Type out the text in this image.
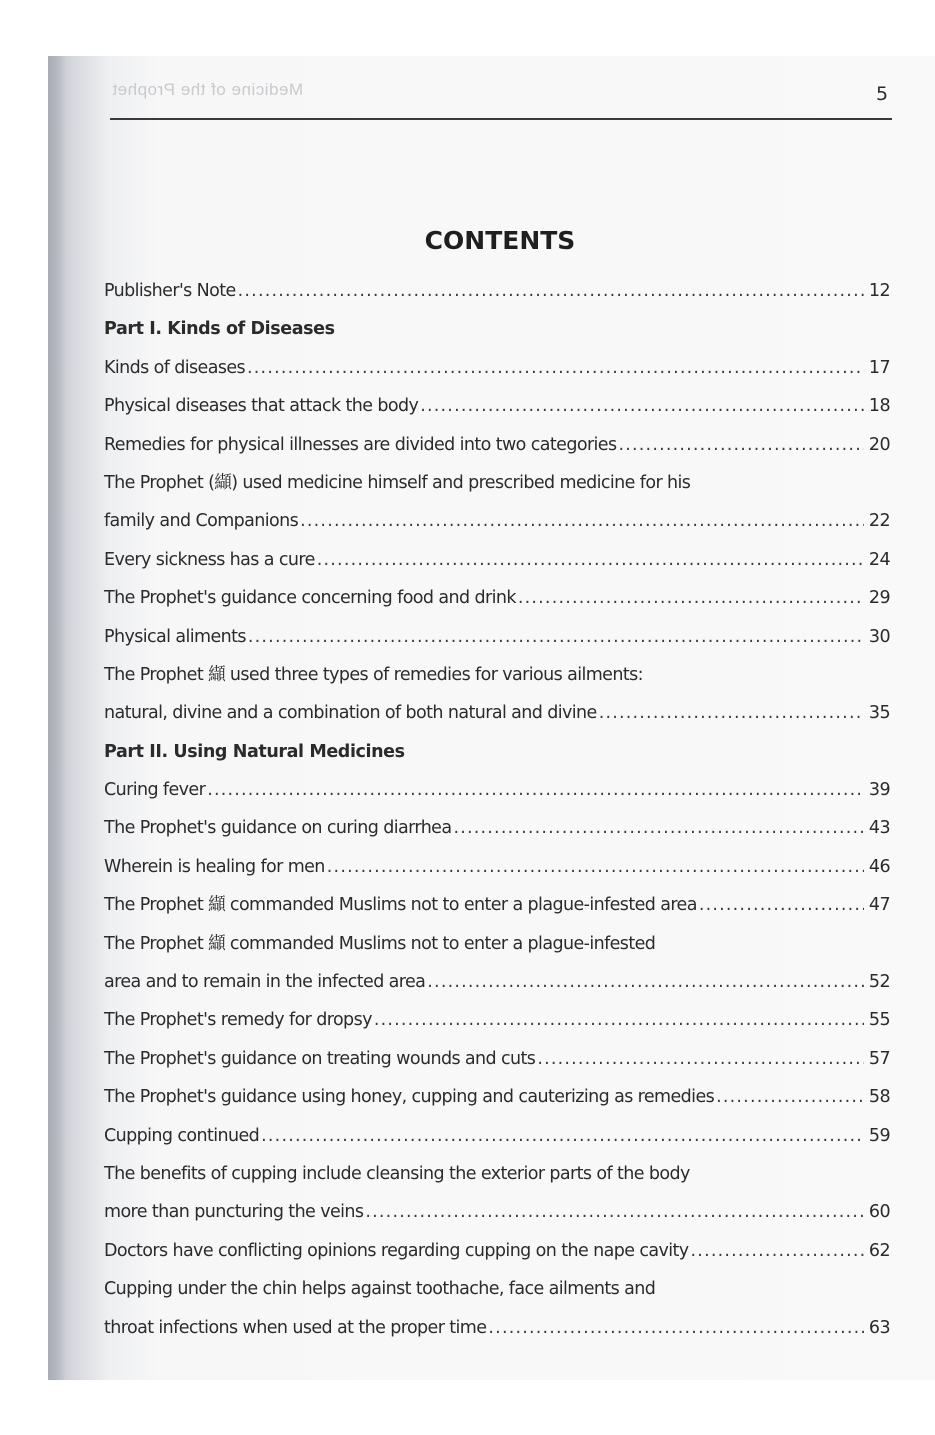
Medicine of the Prophet	5
CONTENTS
Publisher's Note .....	12
Part I. Kinds of Diseases
Kinds of diseases .....	17
Physical diseases that attack the body .....	18
Remedies for physical illnesses are divided into two categories .....	20
The Prophet (纈) used medicine himself and prescribed medicine for his
family and Companions .....	22
Every sickness has a cure .....	24
The Prophet's guidance concerning food and drink .....	29
Physical aliments .....	30
The Prophet 纈 used three types of remedies for various ailments:
natural, divine and a combination of both natural and divine .....	35
Part II. Using Natural Medicines
Curing fever .....	39
The Prophet's guidance on curing diarrhea .....	43
Wherein is healing for men .....	46
The Prophet 纈 commanded Muslims not to enter a plague-infested area .....	47
The Prophet 纈 commanded Muslims not to enter a plague-infested
area and to remain in the infected area .....	52
The Prophet's remedy for dropsy .....	55
The Prophet's guidance on treating wounds and cuts .....	57
The Prophet's guidance using honey, cupping and cauterizing as remedies .....	58
Cupping continued .....	59
The benefits of cupping include cleansing the exterior parts of the body
more than puncturing the veins .....	60
Doctors have conflicting opinions regarding cupping on the nape cavity .....	62
Cupping under the chin helps against toothache, face ailments and
throat infections when used at the proper time .....	63
